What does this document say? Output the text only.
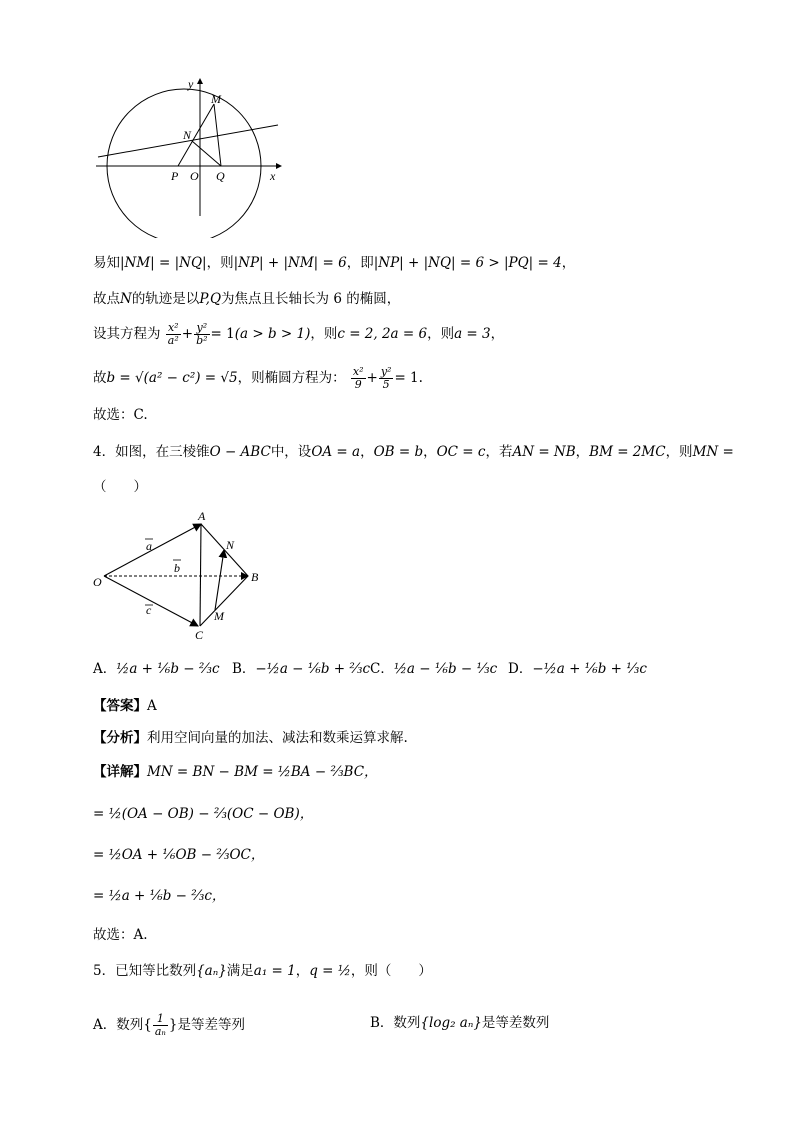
y
x
M
N
P O Q
易知|NM| = |NQ|，则|NP| + |NM| = 6，即|NP| + |NQ| = 6 > |PQ| = 4，
故点N的轨迹是以P,Q为焦点且长轴长为 6 的椭圆，
设其方程为 $\frac{\text{x²}}{\text{a²}} + \frac{\text{y²}}{\text{b²}} = 1(a > b > 1)$，则c = 2, 2a = 6，则a = 3，
故b = √(a² − c²) = √5，则椭圆方程为： $\frac{\text{x²}}{9} + \frac{\text{y²}}{5} = 1$.
故选：C.
4．如图，在三棱锥O − ABC中，设OA = a，OB = b，OC = c，若AN = NB，BM = 2MC，则MN =
（　　）
A
B
C
O
N
M
a
b
c
A．½a + ⅙b − ⅔c B．−½a − ⅙b + ⅔c C．½a − ⅙b − ⅓c D．−½a + ⅙b + ⅓c
【答案】A
【分析】利用空间向量的加法、减法和数乘运算求解.
【详解】MN = BN − BM = ½BA − ⅔BC，
= ½(OA − OB) − ⅔(OC − OB)，
= ½OA + ⅙OB − ⅔OC，
= ½a + ⅙b − ⅔c，
故选：A.
5．已知等比数列{aₙ}满足a₁ = 1，q = ½，则（　　）
A．数列{ $\frac{1}{\text{aₙ}}$ }是等差等列	B．数列{log₂ aₙ}是等差数列
